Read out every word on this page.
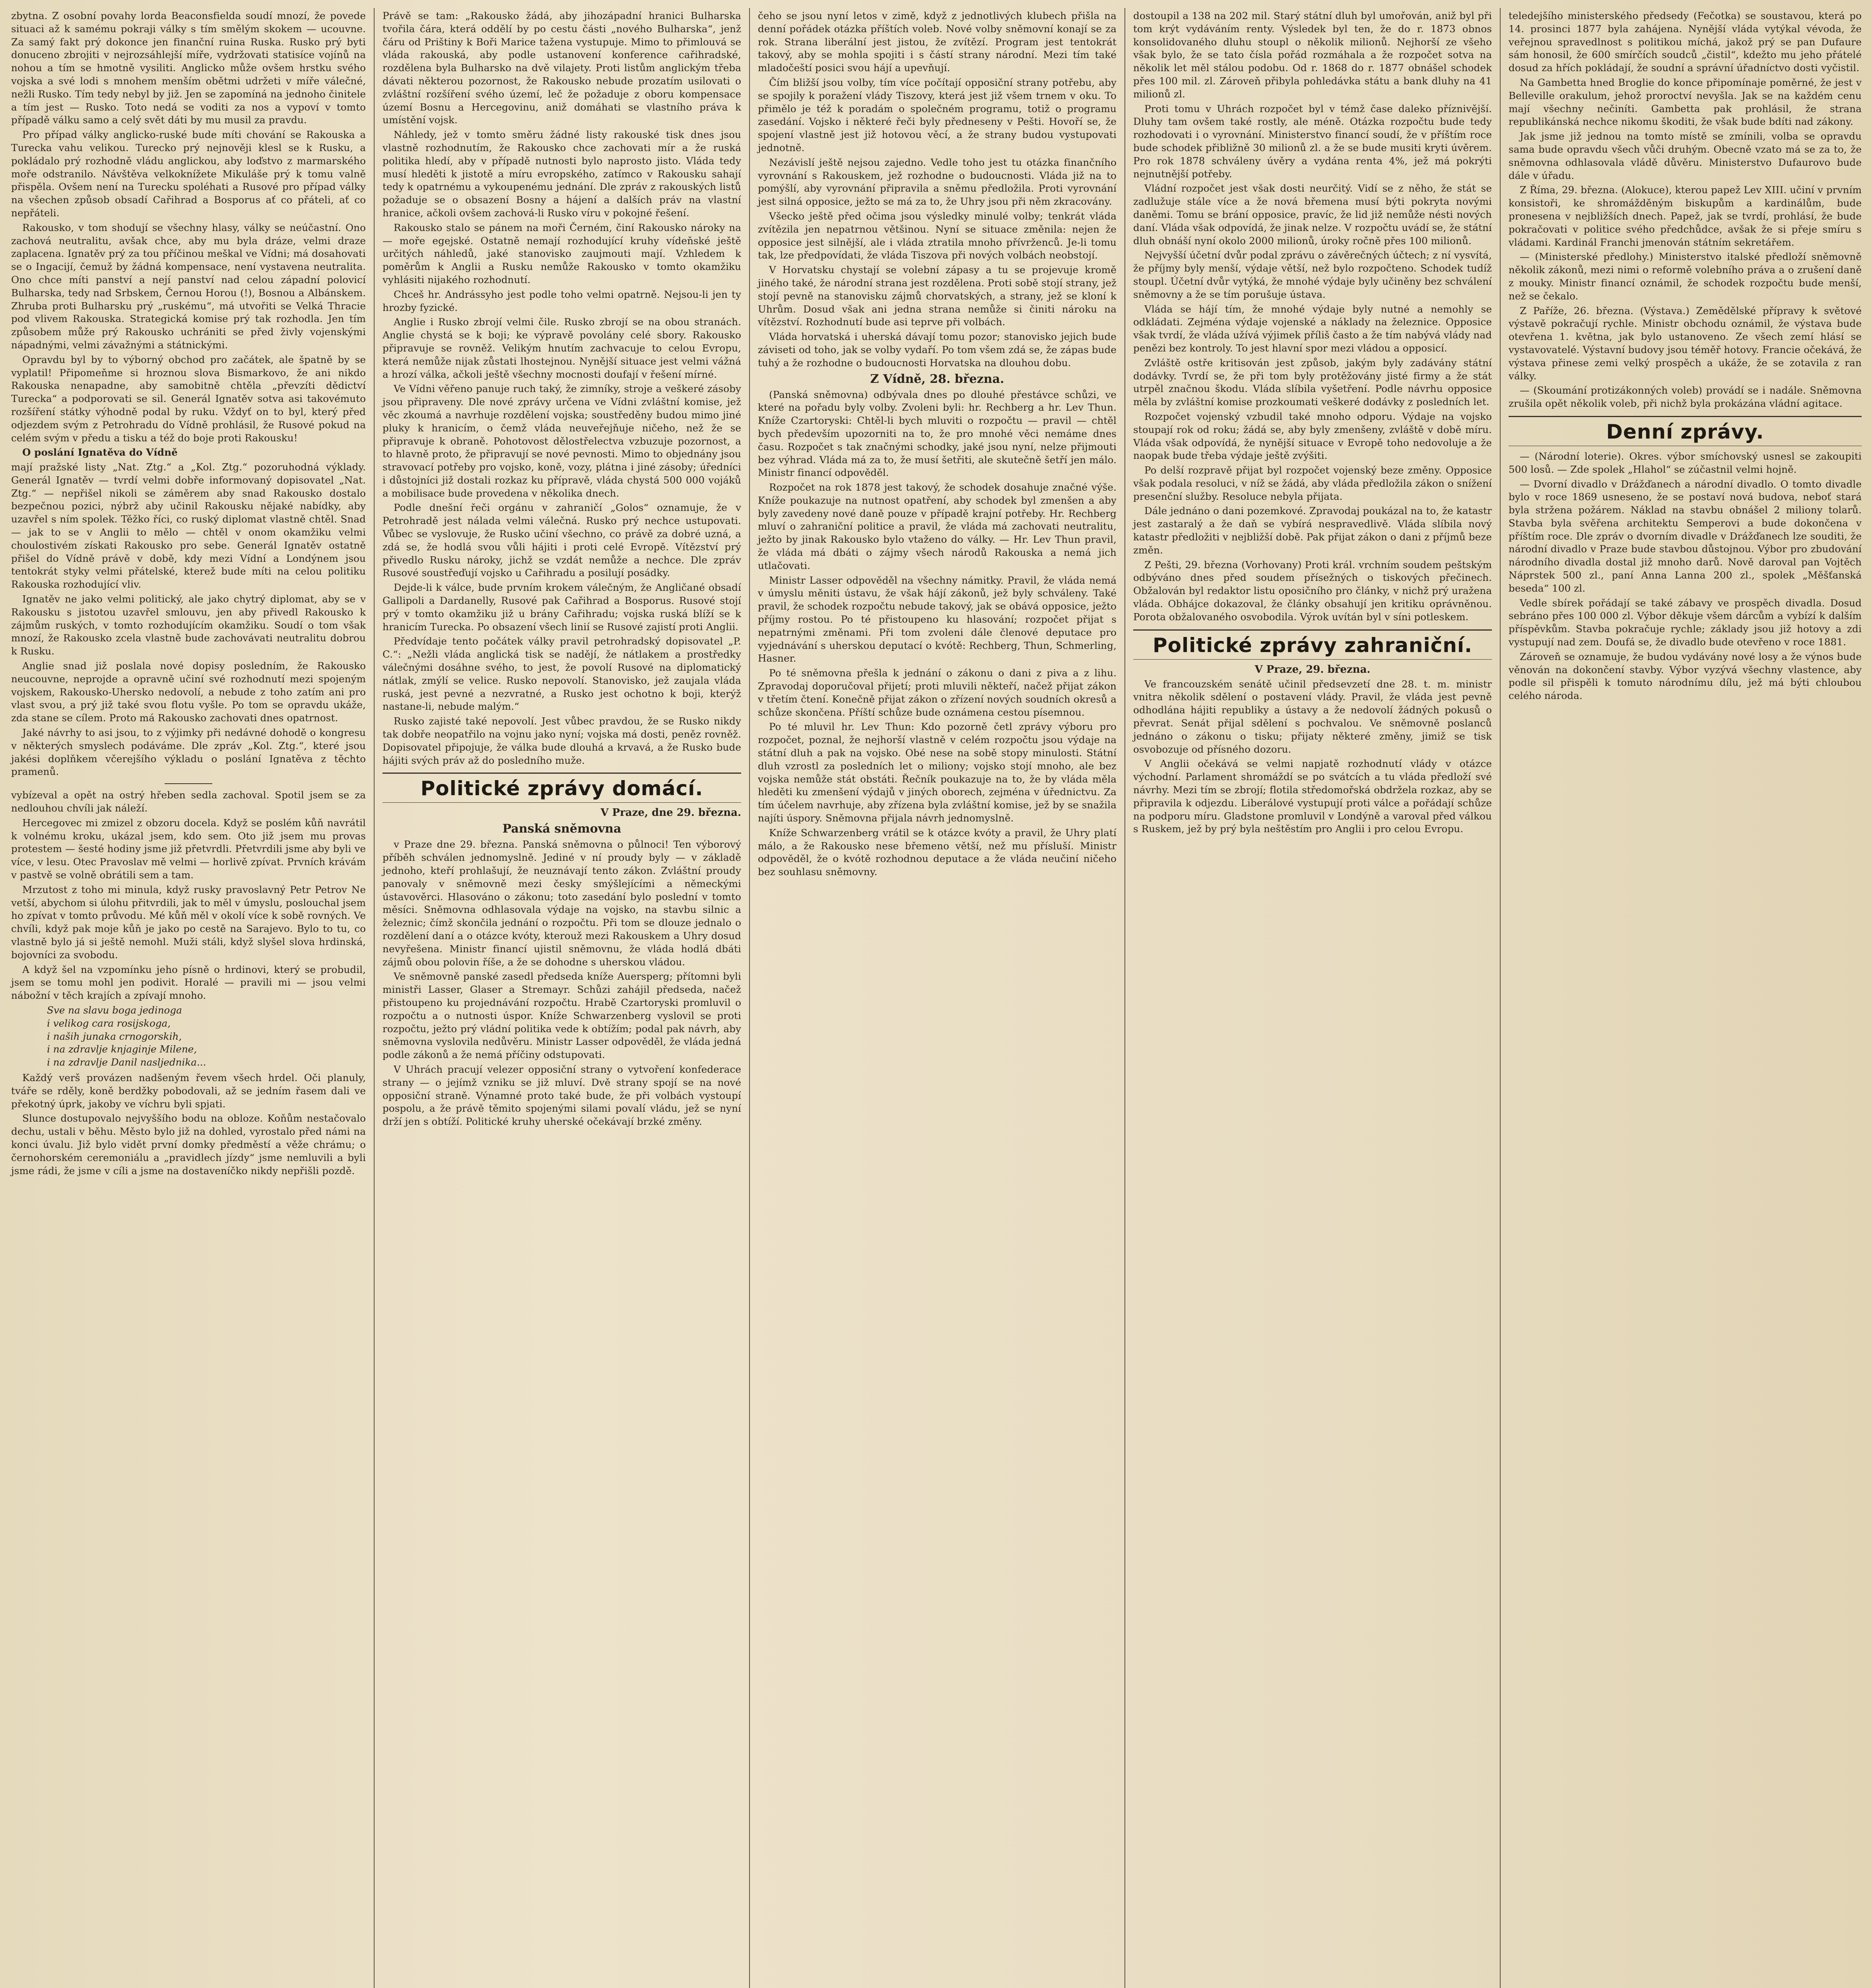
zbytna. Z osobní povahy lorda Beaconsfielda soudí mnozí, že povede situaci až k samému pokraji války s tím smělým skokem — ucouvne. Za samý fakt prý dokonce jen finanční ruina Ruska. Rusko prý byti donuceno zbrojiti v nejrozsáhlejší míře, vydržovati statisíce vojínů na nohou a tím se hmotně vysiliti. Anglicko může ovšem hrstku svého vojska a své lodi s mnohem menším obětmi udržeti v míře válečné, nežli Rusko. Tím tedy nebyl by již. Jen se zapomíná na jednoho činitele a tím jest — Rusko. Toto nedá se voditi za nos a vypoví v tomto případě válku samo a celý svět dáti by mu musil za pravdu.

Pro případ války anglicko-ruské bude míti chování se Rakouska a Turecka vahu velikou. Turecko prý nejnověji klesl se k Rusku, a pokládalo prý rozhodně vládu anglickou, aby loďstvo z marmarského moře odstranilo. Návštěva velkoknížete Mikuláše prý k tomu valně přispěla. Ovšem není na Turecku spoléhati a Rusové pro případ války na všechen způsob obsadí Cařihrad a Bosporus ať co přáteli, ať co nepřáteli.

Rakousko, v tom shodují se všechny hlasy, války se neúčastní. Ono zachová neutralitu, avšak chce, aby mu byla dráze, velmi draze zaplacena. Ignatěv prý za tou příčinou meškal ve Vídni; má dosahovati se o Ingacijí, čemuž by žádná kompensace, není vystavena neutralita. Ono chce míti panství a nejí panství nad celou západní polovicí Bulharska, tedy nad Srbskem, Černou Horou (!), Bosnou a Albánskem. Zhruba proti Bulharsku prý „ruskému“, má utvořiti se Velká Thracie pod vlivem Rakouska. Strategická komise prý tak rozhodla. Jen tím způsobem může prý Rakousko uchrániti se před živly vojenskými nápadnými, velmi závažnými a státnickými.

Opravdu byl by to výborný obchod pro začátek, ale špatně by se vyplatil! Připomeňme si hroznou slova Bismarkovo, že ani nikdo Rakouska nenapadne, aby samobitně chtěla „převzíti dědictví Turecka“ a podporovati se sil. Generál Ignatěv sotva asi takovémuto rozšíření státky výhodně podal by ruku. Vždyť on to byl, který před odjezdem svým z Petrohradu do Vídně prohlásil, že Rusové pokud na celém svým v předu a tisku a též do boje proti Rakousku!

O poslání Ignatěva do Vídně

mají pražské listy „Nat. Ztg.“ a „Kol. Ztg.“ pozoruhodná výklady. Generál Ignatěv — tvrdí velmi dobře informovaný dopisovatel „Nat. Ztg.“ — nepřišel nikoli se záměrem aby snad Rakousko dostalo bezpečnou pozici, nýbrž aby učinil Rakousku nějaké nabídky, aby uzavřel s ním spolek. Těžko říci, co ruský diplomat vlastně chtěl. Snad — jak to se v Anglii to mělo — chtěl v onom okamžiku velmi choulostivém získati Rakousko pro sebe. Generál Ignatěv ostatně přišel do Vídně právě v době, kdy mezi Vídní a Londýnem jsou tentokrát styky velmi přátelské, kterež bude míti na celou politiku Rakouska rozhodující vliv.

Ignatěv ne jako velmi politický, ale jako chytrý diplomat, aby se v Rakousku s jistotou uzavřel smlouvu, jen aby přivedl Rakousko k zájmům ruských, v tomto rozhodujícím okamžiku. Soudí o tom však mnozí, že Rakousko zcela vlastně bude zachovávati neutralitu dobrou k Rusku.

Anglie snad již poslala nové dopisy posledním, že Rakousko neucouvne, neprojde a opravně učiní své rozhodnutí mezi spojeným vojskem, Rakousko-Uhersko nedovolí, a nebude z toho zatím ani pro vlast svou, a prý již také svou flotu vyšle. Po tom se opravdu ukáže, zda stane se cílem. Proto má Rakousko zachovati dnes opatrnost.

Jaké návrhy to asi jsou, to z výjimky při nedávné dohodě o kongresu v některých smyslech podáváme. Dle zpráv „Kol. Ztg.“, které jsou jakési doplňkem včerejšího výkladu o poslání Ignatěva z těchto pramenů.

vybízeval a opět na ostrý hřeben sedla zachoval. Spotil jsem se za nedlouhou chvíli jak náleží.

Hercegovec mi zmizel z obzoru docela. Když se poslém kůň navrátil k volnému kroku, ukázal jsem, kdo sem. Oto již jsem mu provas protestem — šesté hodiny jsme již přetvrdli. Přetvrdili jsme aby byli ve více, v lesu. Otec Pravoslav mě velmi — horlivě zpívat. Prvních krávám v pastvě se volně obrátili sem a tam.

Mrzutost z toho mi minula, když rusky pravoslavný Petr Petrov Ne vetší, abychom si úlohu přitvrdili, jak to měl v úmyslu, poslouchal jsem ho zpívat v tomto průvodu. Mé kůň měl v okolí více k sobě rovných. Ve chvíli, když pak moje kůň je jako po cestě na Sarajevo. Bylo to tu, co vlastně bylo já si ještě nemohl. Muži stáli, když slyšel slova hrdinská, bojovníci za svobodu.

A když šel na vzpomínku jeho písně o hrdinovi, který se probudil, jsem se tomu mohl jen podivit. Horalé — pravili mi — jsou velmi nábožní v těch krajích a zpívají mnoho.

Sve na slavu boga jedinoga
i velikog cara rosijskoga,
i naših junaka crnogorskih,
i na zdravlje knjaginje Milene,
i na zdravlje Danil nasljednika...

Každý verš provázen nadšeným řevem všech hrdel. Oči planuly, tváře se rděly, koně berdžky pobodovali, až se jedním řasem dali ve překotný úprk, jakoby ve víchru byli spjati.

Slunce dostupovalo nejvyššího bodu na obloze. Koňům nestačovalo dechu, ustali v běhu. Město bylo již na dohled, vyrostalo před námi na konci úvalu. Již bylo vidět první domky předměstí a věže chrámu; o černohorském ceremoniálu a „pravidlech jízdy“ jsme nemluvili a byli jsme rádi, že jsme v cíli a jsme na dostaveníčko nikdy nepřišli pozdě.

Právě se tam: „Rakousko žádá, aby jihozápadní hranici Bulharska tvořila čára, která oddělí by po cestu části „nového Bulharska“, jenž čáru od Prištiny k Boři Marice tažena vystupuje. Mimo to přimlouvá se vláda rakouská, aby podle ustanovení konference cařihradské, rozdělena byla Bulharsko na dvě vilajety. Proti listům anglickým třeba dávati některou pozornost, že Rakousko nebude prozatím usilovati o zvláštní rozšíření svého území, leč že požaduje z oboru kompensace území Bosnu a Hercegovinu, aniž domáhati se vlastního práva k umístění vojsk.

Náhledy, jež v tomto směru žádné listy rakouské tisk dnes jsou vlastně rozhodnutím, že Rakousko chce zachovati mír a že ruská politika hledí, aby v případě nutnosti bylo naprosto jisto. Vláda tedy musí hleděti k jistotě a míru evropského, zatímco v Rakousku sahají tedy k opatrnému a vykoupenému jednání. Dle zpráv z rakouských listů požaduje se o obsazení Bosny a hájení a dalších práv na vlastní hranice, ačkoli ovšem zachová-li Rusko víru v pokojné řešení.

Rakousko stalo se pánem na moři Černém, činí Rakousko nároky na — moře egejské. Ostatně nemají rozhodující kruhy vídeňské ještě určitých náhledů, jaké stanovisko zaujmouti mají. Vzhledem k poměrům k Anglii a Rusku nemůže Rakousko v tomto okamžiku vyhlásiti nijakého rozhodnutí.

Chceš hr. Andrássyho jest podle toho velmi opatrně. Nejsou-li jen ty hrozby fyzické.

Anglie i Rusko zbrojí velmi čile. Rusko zbrojí se na obou stranách. Anglie chystá se k boji; ke výpravě povolány celé sbory. Rakousko připravuje se rovněž. Velikým hnutím zachvacuje to celou Evropu, která nemůže nijak zůstati lhostejnou. Nynější situace jest velmi vážná a hrozí válka, ačkoli ještě všechny mocnosti doufají v řešení mírné.

Ve Vídni věřeno panuje ruch taký, že zimníky, stroje a veškeré zásoby jsou připraveny. Dle nové zprávy určena ve Vídni zvláštní komise, jež věc zkoumá a navrhuje rozdělení vojska; soustředěny budou mimo jiné pluky k hranicím, o čemž vláda neuveřejňuje ničeho, než že se připravuje k obraně. Pohotovost dělostřelectva vzbuzuje pozornost, a to hlavně proto, že připravují se nové pevnosti. Mimo to objednány jsou stravovací potřeby pro vojsko, koně, vozy, plátna i jiné zásoby; úředníci i důstojníci již dostali rozkaz ku přípravě, vláda chystá 500 000 vojáků a mobilisace bude provedena v několika dnech.

Podle dnešní řeči orgánu v zahraničí „Golos“ oznamuje, že v Petrohradě jest nálada velmi válečná. Rusko prý nechce ustupovati. Vůbec se vyslovuje, že Rusko učiní všechno, co právě za dobré uzná, a zdá se, že hodlá svou vůli hájiti i proti celé Evropě. Vítězství prý přivedlo Rusku nároky, jichž se vzdát nemůže a nechce. Dle zpráv Rusové soustřeďují vojsko u Cařihradu a posilují posádky.

Dejde-li k válce, bude prvním krokem válečným, že Angličané obsadí Gallipoli a Dardanelly, Rusové pak Cařihrad a Bosporus. Rusové stojí prý v tomto okamžiku již u brány Cařihradu; vojska ruská blíží se k hranicím Turecka. Po obsazení všech linií se Rusové zajistí proti Anglii.

Předvídaje tento počátek války pravil petrohradský dopisovatel „P. C.“: „Nežli vláda anglická tisk se nadějí, že nátlakem a prostředky válečnými dosáhne svého, to jest, že povolí Rusové na diplomatický nátlak, zmýlí se velice. Rusko nepovolí. Stanovisko, jež zaujala vláda ruská, jest pevné a nezvratné, a Rusko jest ochotno k boji, kterýž nastane-li, nebude malým.“

Rusko zajisté také nepovolí. Jest vůbec pravdou, že se Rusko nikdy tak dobře neopatřilo na vojnu jako nyní; vojska má dosti, peněz rovněž. Dopisovatel připojuje, že válka bude dlouhá a krvavá, a že Rusko bude hájiti svých práv až do posledního muže.

Politické zprávy domácí.
V Praze, dne 29. března.
Panská sněmovna

v Praze dne 29. března. Panská sněmovna o půlnoci! Ten výborový příběh schválen jednomyslně. Jediné v ní proudy byly — v základě jednoho, kteří prohlašují, že neuznávají tento zákon. Zvláštní proudy panovaly v sněmovně mezi česky smýšlejícími a německými ústavověrci. Hlasováno o zákonu; toto zasedání bylo poslední v tomto měsíci. Sněmovna odhlasovala výdaje na vojsko, na stavbu silnic a železnic; čímž skončila jednání o rozpočtu. Při tom se dlouze jednalo o rozdělení daní a o otázce kvóty, kterouž mezi Rakouskem a Uhry dosud nevyřešena. Ministr financí ujistil sněmovnu, že vláda hodlá dbáti zájmů obou polovin říše, a že se dohodne s uherskou vládou.

Ve sněmovně panské zasedl předseda kníže Auersperg; přítomni byli ministři Lasser, Glaser a Stremayr. Schůzi zahájil předseda, načež přistoupeno ku projednávání rozpočtu. Hrabě Czartoryski promluvil o rozpočtu a o nutnosti úspor. Kníže Schwarzenberg vyslovil se proti rozpočtu, ježto prý vládní politika vede k obtížím; podal pak návrh, aby sněmovna vyslovila nedůvěru. Ministr Lasser odpověděl, že vláda jedná podle zákonů a že nemá příčiny odstupovati.

V Uhrách pracují velezer opposiční strany o vytvoření konfederace strany — o jejímž vzniku se již mluví. Dvě strany spojí se na nové opposiční straně. Výnamné proto také bude, že při volbách vystoupí pospolu, a že právě těmito spojenými silami povalí vládu, jež se nyní drží jen s obtíží. Politické kruhy uherské očekávají brzké změny.

čeho se jsou nyní letos v zimě, když z jednotlivých klubech přišla na denní pořádek otázka příštích voleb. Nové volby sněmovní konají se za rok. Strana liberální jest jistou, že zvítězí. Program jest tentokrát takový, aby se mohla spojiti i s částí strany národní. Mezi tím také mladočeští posici svou hájí a upevňují.

Čím bližší jsou volby, tím více počítají opposiční strany potřebu, aby se spojily k poražení vlády Tiszovy, která jest již všem trnem v oku. To přimělo je též k poradám o společném programu, totiž o programu zasedání. Vojsko i některé řeči byly předneseny v Pešti. Hovoří se, že spojení vlastně jest již hotovou věcí, a že strany budou vystupovati jednotně.

Nezávislí ještě nejsou zajedno. Vedle toho jest tu otázka finančního vyrovnání s Rakouskem, jež rozhodne o budoucnosti. Vláda již na to pomýšlí, aby vyrovnání připravila a sněmu předložila. Proti vyrovnání jest silná opposice, ježto se má za to, že Uhry jsou při něm zkracovány.

Všecko ještě před očima jsou výsledky minulé volby; tenkrát vláda zvítězila jen nepatrnou většinou. Nyní se situace změnila: nejen že opposice jest silnější, ale i vláda ztratila mnoho přívrženců. Je-li tomu tak, lze předpovídati, že vláda Tiszova při nových volbách neobstojí.

V Horvatsku chystají se volební zápasy a tu se projevuje kromě jiného také, že národní strana jest rozdělena. Proti sobě stojí strany, jež stojí pevně na stanovisku zájmů chorvatských, a strany, jež se kloní k Uhrům. Dosud však ani jedna strana nemůže si činiti nároku na vítězství. Rozhodnutí bude asi teprve při volbách.

Vláda horvatská i uherská dávají tomu pozor; stanovisko jejich bude záviseti od toho, jak se volby vydaří. Po tom všem zdá se, že zápas bude tuhý a že rozhodne o budoucnosti Horvatska na dlouhou dobu.

Z Vídně, 28. března.

(Panská sněmovna) odbývala dnes po dlouhé přestávce schůzi, ve které na pořadu byly volby. Zvoleni byli: hr. Rechberg a hr. Lev Thun. Kníže Czartoryski: Chtěl-li bych mluviti o rozpočtu — pravil — chtěl bych především upozorniti na to, že pro mnohé věci nemáme dnes času. Rozpočet s tak značnými schodky, jaké jsou nyní, nelze přijmouti bez výhrad. Vláda má za to, že musí šetřiti, ale skutečně šetří jen málo. Ministr financí odpověděl.

Rozpočet na rok 1878 jest takový, že schodek dosahuje značné výše. Kníže poukazuje na nutnost opatření, aby schodek byl zmenšen a aby byly zavedeny nové daně pouze v případě krajní potřeby. Hr. Rechberg mluví o zahraniční politice a pravil, že vláda má zachovati neutralitu, ježto by jinak Rakousko bylo vtaženo do války. — Hr. Lev Thun pravil, že vláda má dbáti o zájmy všech národů Rakouska a nemá jich utlačovati.

Ministr Lasser odpověděl na všechny námitky. Pravil, že vláda nemá v úmyslu měniti ústavu, že však hájí zákonů, jež byly schváleny. Také pravil, že schodek rozpočtu nebude takový, jak se obává opposice, ježto příjmy rostou. Po té přistoupeno ku hlasování; rozpočet přijat s nepatrnými změnami. Při tom zvoleni dále členové deputace pro vyjednávání s uherskou deputací o kvótě: Rechberg, Thun, Schmerling, Hasner.

Po té sněmovna přešla k jednání o zákonu o dani z piva a z lihu. Zpravodaj doporučoval přijetí; proti mluvili někteří, načež přijat zákon v třetím čtení. Konečně přijat zákon o zřízení nových soudních okresů a schůze skončena. Příští schůze bude oznámena cestou písemnou.

Po té mluvil hr. Lev Thun: Kdo pozorně četl zprávy výboru pro rozpočet, poznal, že nejhorší vlastně v celém rozpočtu jsou výdaje na státní dluh a pak na vojsko. Obé nese na sobě stopy minulosti. Státní dluh vzrostl za posledních let o miliony; vojsko stojí mnoho, ale bez vojska nemůže stát obstáti. Řečník poukazuje na to, že by vláda měla hleděti ku zmenšení výdajů v jiných oborech, zejména v úřednictvu. Za tím účelem navrhuje, aby zřízena byla zvláštní komise, jež by se snažila najíti úspory. Sněmovna přijala návrh jednomyslně.

Kníže Schwarzenberg vrátil se k otázce kvóty a pravil, že Uhry platí málo, a že Rakousko nese břemeno větší, než mu přísluší. Ministr odpověděl, že o kvótě rozhodnou deputace a že vláda neučiní ničeho bez souhlasu sněmovny.

dostoupil a 138 na 202 mil. Starý státní dluh byl umořován, aniž byl při tom krýt vydáváním renty. Výsledek byl ten, že do r. 1873 obnos konsolidovaného dluhu stoupl o několik milionů. Nejhorší ze všeho však bylo, že se tato čísla pořád rozmáhala a že rozpočet sotva na několik let měl stálou podobu. Od r. 1868 do r. 1877 obnášel schodek přes 100 mil. zl. Zároveň přibyla pohledávka státu a bank dluhy na 41 milionů zl.

Proti tomu v Uhrách rozpočet byl v témž čase daleko příznivější. Dluhy tam ovšem také rostly, ale méně. Otázka rozpočtu bude tedy rozhodovati i o vyrovnání. Ministerstvo financí soudí, že v příštím roce bude schodek přibližně 30 milionů zl. a že se bude musiti kryti úvěrem. Pro rok 1878 schváleny úvěry a vydána renta 4%, jež má pokrýti nejnutnější potřeby.

Vládní rozpočet jest však dosti neurčitý. Vidí se z něho, že stát se zadlužuje stále více a že nová břemena musí býti pokryta novými daněmi. Tomu se brání opposice, pravíc, že lid již nemůže nésti nových daní. Vláda však odpovídá, že jinak nelze. V rozpočtu uvádí se, že státní dluh obnáší nyní okolo 2000 milionů, úroky ročně přes 100 milionů.

Nejvyšší účetní dvůr podal zprávu o závěrečných účtech; z ní vysvítá, že příjmy byly menší, výdaje větší, než bylo rozpočteno. Schodek tudíž stoupl. Účetní dvůr vytýká, že mnohé výdaje byly učiněny bez schválení sněmovny a že se tím porušuje ústava.

Vláda se hájí tím, že mnohé výdaje byly nutné a nemohly se odkládati. Zejména výdaje vojenské a náklady na železnice. Opposice však tvrdí, že vláda užívá výjimek příliš často a že tím nabývá vlády nad penězi bez kontroly. To jest hlavní spor mezi vládou a opposicí.

Zvláště ostře kritisován jest způsob, jakým byly zadávány státní dodávky. Tvrdí se, že při tom byly protěžovány jisté firmy a že stát utrpěl značnou škodu. Vláda slíbila vyšetření. Podle návrhu opposice měla by zvláštní komise prozkoumati veškeré dodávky z posledních let.

Rozpočet vojenský vzbudil také mnoho odporu. Výdaje na vojsko stoupají rok od roku; žádá se, aby byly zmenšeny, zvláště v době míru. Vláda však odpovídá, že nynější situace v Evropě toho nedovoluje a že naopak bude třeba výdaje ještě zvýšiti.

Po delší rozpravě přijat byl rozpočet vojenský beze změny. Opposice však podala resoluci, v níž se žádá, aby vláda předložila zákon o snížení presenční služby. Resoluce nebyla přijata.

Dále jednáno o dani pozemkové. Zpravodaj poukázal na to, že katastr jest zastaralý a že daň se vybírá nespravedlivě. Vláda slíbila nový katastr předložiti v nejbližší době. Pak přijat zákon o dani z příjmů beze změn.

Z Pešti, 29. března (Vorhovany) Proti král. vrchním soudem peštským odbýváno dnes před soudem přísežných o tiskových přečinech. Obžalován byl redaktor listu oposičního pro články, v nichž prý uražena vláda. Obhájce dokazoval, že články obsahují jen kritiku oprávněnou. Porota obžalovaného osvobodila. Výrok uvítán byl v síni potleskem.

Politické zprávy zahraniční.
V Praze, 29. března.

Ve francouzském senátě učinil předsevzetí dne 28. t. m. ministr vnitra několik sdělení o postavení vlády. Pravil, že vláda jest pevně odhodlána hájiti republiky a ústavy a že nedovolí žádných pokusů o převrat. Senát přijal sdělení s pochvalou. Ve sněmovně poslanců jednáno o zákonu o tisku; přijaty některé změny, jimiž se tisk osvobozuje od přísného dozoru.

V Anglii očekává se velmi napjatě rozhodnutí vlády v otázce východní. Parlament shromáždí se po svátcích a tu vláda předloží své návrhy. Mezi tím se zbrojí; flotila středomořská obdržela rozkaz, aby se připravila k odjezdu. Liberálové vystupují proti válce a pořádají schůze na podporu míru. Gladstone promluvil v Londýně a varoval před válkou s Ruskem, jež by prý byla neštěstím pro Anglii i pro celou Evropu.

teledejšího ministerského předsedy (Fečotka) se soustavou, která po 14. prosinci 1877 byla zahájena. Nynější vláda vytýkal vévoda, že veřejnou spravedlnost s politikou míchá, jakož prý se pan Dufaure sám honosil, že 600 smírčích soudců „čistil“, kdežto mu jeho přátelé dosud za hřích pokládají, že soudní a správní úřadníctvo dosti vyčistil.

Na Gambetta hned Broglie do konce připomínaje poměrné, že jest v Belleville orakulum, jehož proroctví nevyšla. Jak se na každém cenu mají všechny nečiníti. Gambetta pak prohlásil, že strana republikánská nechce nikomu škoditi, že však bude bdíti nad zákony.

Jak jsme již jednou na tomto místě se zmínili, volba se opravdu sama bude opravdu všech vůči druhým. Obecně vzato má se za to, že sněmovna odhlasovala vládě důvěru. Ministerstvo Dufaurovo bude dále v úřadu.

Z Říma, 29. března. (Alokuce), kterou papež Lev XIII. učiní v prvním konsistoři, ke shromážděným biskupům a kardinálům, bude pronesena v nejbližších dnech. Papež, jak se tvrdí, prohlásí, že bude pokračovati v politice svého předchůdce, avšak že si přeje smíru s vládami. Kardinál Franchi jmenován státním sekretářem.

— (Ministerské předlohy.) Ministerstvo italské předloží sněmovně několik zákonů, mezi nimi o reformě volebního práva a o zrušení daně z mouky. Ministr financí oznámil, že schodek rozpočtu bude menší, než se čekalo.

Z Paříže, 26. března. (Výstava.) Zemědělské přípravy k světové výstavě pokračují rychle. Ministr obchodu oznámil, že výstava bude otevřena 1. května, jak bylo ustanoveno. Ze všech zemí hlásí se vystavovatelé. Výstavní budovy jsou téměř hotovy. Francie očekává, že výstava přinese zemi velký prospěch a ukáže, že se zotavila z ran války.

— (Skoumání protizákonných voleb) provádí se i nadále. Sněmovna zrušila opět několik voleb, při nichž byla prokázána vládní agitace.

Denní zprávy.

— (Národní loterie). Okres. výbor smíchovský usnesl se zakoupiti 500 losů. — Zde spolek „Hlahol“ se zúčastnil velmi hojně.

— Dvorní divadlo v Drážďanech a národní divadlo. O tomto divadle bylo v roce 1869 usneseno, že se postaví nová budova, neboť stará byla stržena požárem. Náklad na stavbu obnášel 2 miliony tolarů. Stavba byla svěřena architektu Semperovi a bude dokončena v příštím roce. Dle zpráv o dvorním divadle v Drážďanech lze souditi, že národní divadlo v Praze bude stavbou důstojnou. Výbor pro zbudování národního divadla dostal již mnoho darů. Nově daroval pan Vojtěch Náprstek 500 zl., paní Anna Lanna 200 zl., spolek „Měšťanská beseda“ 100 zl.

Vedle sbírek pořádají se také zábavy ve prospěch divadla. Dosud sebráno přes 100 000 zl. Výbor děkuje všem dárcům a vybízí k dalším příspěvkům. Stavba pokračuje rychle; základy jsou již hotovy a zdi vystupují nad zem. Doufá se, že divadlo bude otevřeno v roce 1881.

Zároveň se oznamuje, že budou vydávány nové losy a že výnos bude věnován na dokončení stavby. Výbor vyzývá všechny vlastence, aby podle sil přispěli k tomuto národnímu dílu, jež má býti chloubou celého národa.
